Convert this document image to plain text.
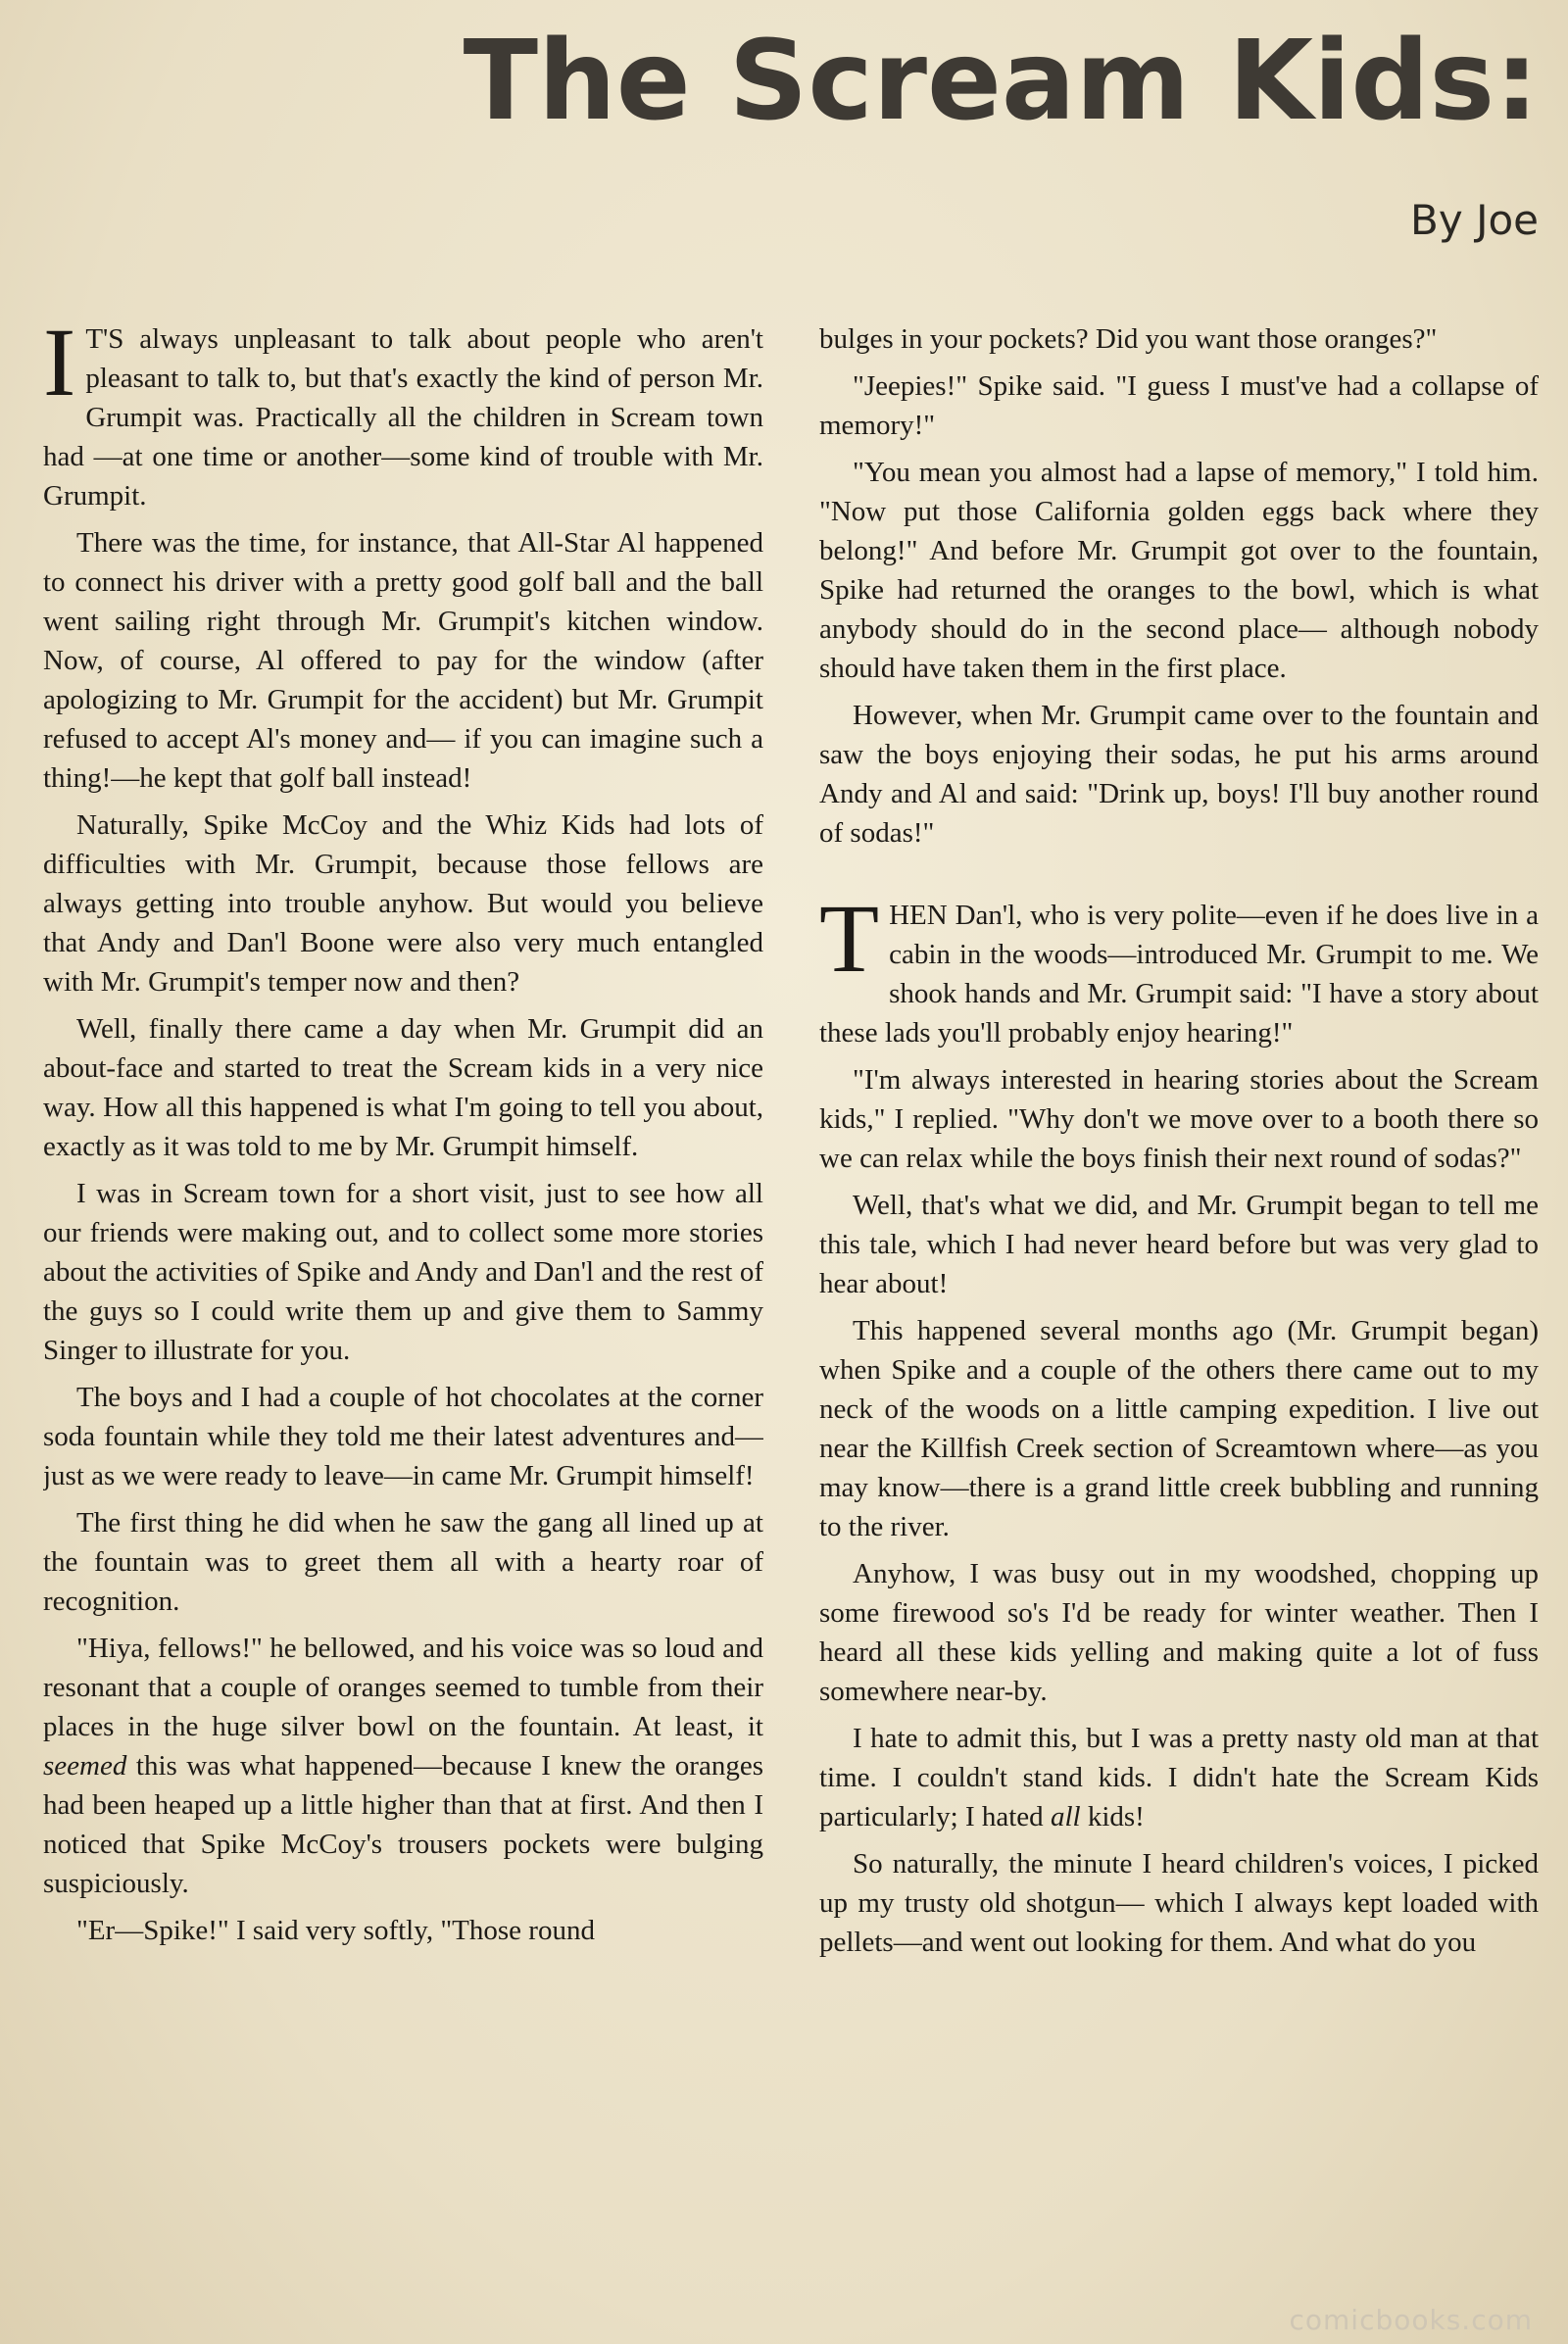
The Scream Kids:
By Joe

I T'S always unpleasant to talk about people who aren't pleasant to talk to, but that's exactly the kind of person Mr. Grumpit was. Practically all the children in Scream town had —at one time or another—some kind of trouble with Mr. Grumpit.

There was the time, for instance, that All-Star Al happened to connect his driver with a pretty good golf ball and the ball went sailing right through Mr. Grumpit's kitchen window. Now, of course, Al offered to pay for the window (after apologizing to Mr. Grumpit for the accident) but Mr. Grumpit refused to accept Al's money and— if you can imagine such a thing!—he kept that golf ball instead!

Naturally, Spike McCoy and the Whiz Kids had lots of difficulties with Mr. Grumpit, because those fellows are always getting into trouble anyhow. But would you believe that Andy and Dan'l Boone were also very much entangled with Mr. Grumpit's temper now and then?

Well, finally there came a day when Mr. Grumpit did an about-face and started to treat the Scream kids in a very nice way. How all this happened is what I'm going to tell you about, exactly as it was told to me by Mr. Grumpit himself.

I was in Scream town for a short visit, just to see how all our friends were making out, and to collect some more stories about the activities of Spike and Andy and Dan'l and the rest of the guys so I could write them up and give them to Sammy Singer to illustrate for you.

The boys and I had a couple of hot chocolates at the corner soda fountain while they told me their latest adventures and—just as we were ready to leave—in came Mr. Grumpit himself!

The first thing he did when he saw the gang all lined up at the fountain was to greet them all with a hearty roar of recognition.

"Hiya, fellows!" he bellowed, and his voice was so loud and resonant that a couple of oranges seemed to tumble from their places in the huge silver bowl on the fountain. At least, it seemed this was what happened—because I knew the oranges had been heaped up a little higher than that at first. And then I noticed that Spike McCoy's trousers pockets were bulging suspiciously.

"Er—Spike!" I said very softly, "Those round

bulges in your pockets? Did you want those oranges?"

"Jeepies!" Spike said. "I guess I must've had a collapse of memory!"

"You mean you almost had a lapse of memory," I told him. "Now put those California golden eggs back where they belong!" And before Mr. Grumpit got over to the fountain, Spike had returned the oranges to the bowl, which is what anybody should do in the second place— although nobody should have taken them in the first place.

However, when Mr. Grumpit came over to the fountain and saw the boys enjoying their sodas, he put his arms around Andy and Al and said: "Drink up, boys! I'll buy another round of sodas!"

THEN Dan'l, who is very polite—even if he does live in a cabin in the woods—introduced Mr. Grumpit to me. We shook hands and Mr. Grumpit said: "I have a story about these lads you'll probably enjoy hearing!"

"I'm always interested in hearing stories about the Scream kids," I replied. "Why don't we move over to a booth there so we can relax while the boys finish their next round of sodas?"

Well, that's what we did, and Mr. Grumpit began to tell me this tale, which I had never heard before but was very glad to hear about!

This happened several months ago (Mr. Grumpit began) when Spike and a couple of the others there came out to my neck of the woods on a little camping expedition. I live out near the Killfish Creek section of Screamtown where—as you may know—there is a grand little creek bubbling and running to the river.

Anyhow, I was busy out in my woodshed, chopping up some firewood so's I'd be ready for winter weather. Then I heard all these kids yelling and making quite a lot of fuss somewhere near-by.

I hate to admit this, but I was a pretty nasty old man at that time. I couldn't stand kids. I didn't hate the Scream Kids particularly; I hated all kids!

So naturally, the minute I heard children's voices, I picked up my trusty old shotgun— which I always kept loaded with pellets—and went out looking for them. And what do you

comicbooks.com
